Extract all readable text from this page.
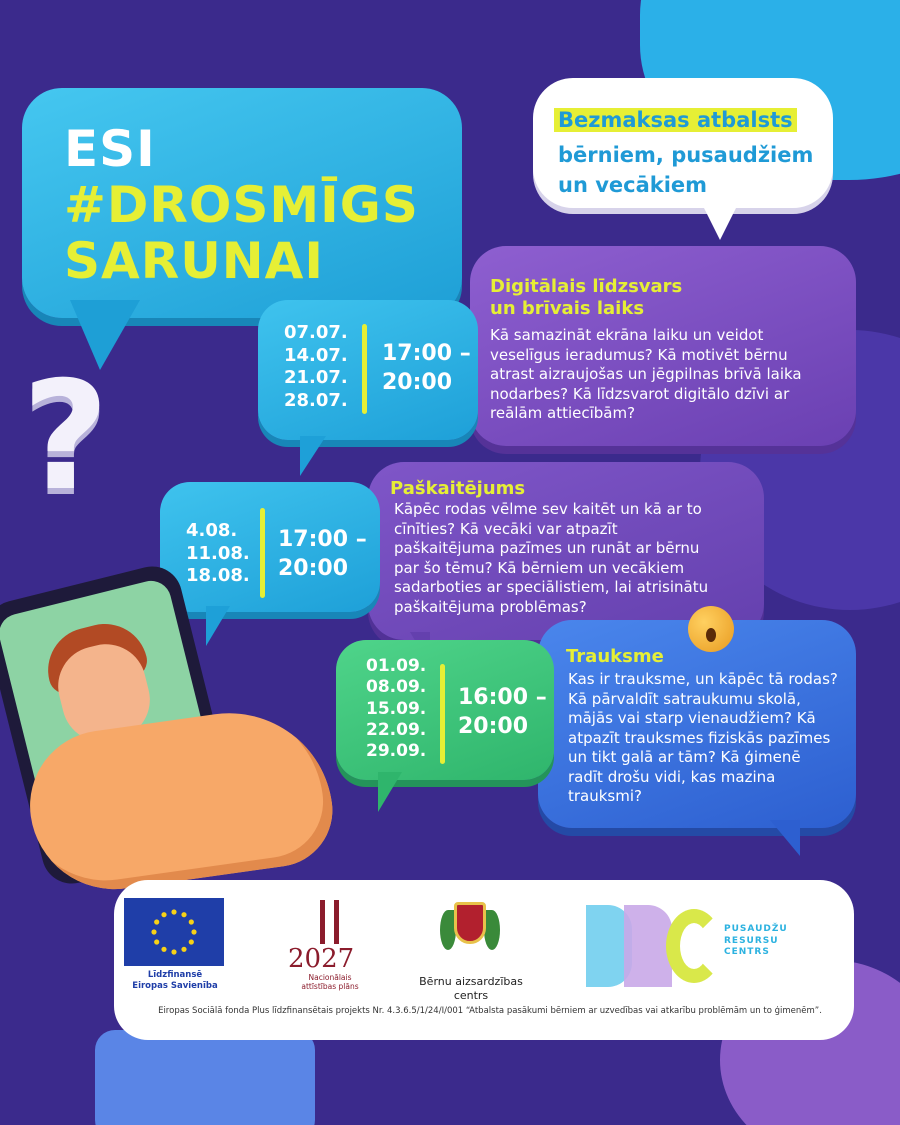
ESI
#DROSMĪGS
SARUNAI
Bezmaksas atbalsts
bērniem, pusaudžiem
un vecākiem
Digitālais līdzsvars
un brīvais laiks
Kā samazināt ekrāna laiku un veidot
veselīgus ieradumus? Kā motivēt bērnu
atrast aizraujošas un jēgpilnas brīvā laika
nodarbes? Kā līdzsvarot digitālo dzīvi ar
reālām attiecībām?
07.07.
14.07.
21.07.
28.07.
17:00 –
20:00
?	Paškaitējums
Kāpēc rodas vēlme sev kaitēt un kā ar to
cīnīties? Kā vecāki var atpazīt
paškaitējuma pazīmes un runāt ar bērnu
par šo tēmu? Kā bērniem un vecākiem
sadarboties ar speciālistiem, lai atrisinātu
paškaitējuma problēmas?
4.08.
11.08.
18.08.
17:00 –
20:00
Trauksme
Kas ir trauksme, un kāpēc tā rodas?
Kā pārvaldīt satraukumu skolā,
mājās vai starp vienaudžiem? Kā
atpazīt trauksmes fiziskās pazīmes
un tikt galā ar tām? Kā ģimenē
radīt drošu vidi, kas mazina
trauksmi?
01.09.
08.09.
15.09.
22.09.
29.09.
16:00 –
20:00
Līdzfinansē
Eiropas Savienība
2027
Nacionālais
attīstības plāns	Bērnu aizsardzības
centrs
PUSAUDŽU
RESURSU
CENTRS
Eiropas Sociālā fonda Plus līdzfinansētais projekts Nr. 4.3.6.5/1/24/I/001 “Atbalsta pasākumi bērniem ar uzvedības vai atkarību problēmām un to ģimenēm”.
